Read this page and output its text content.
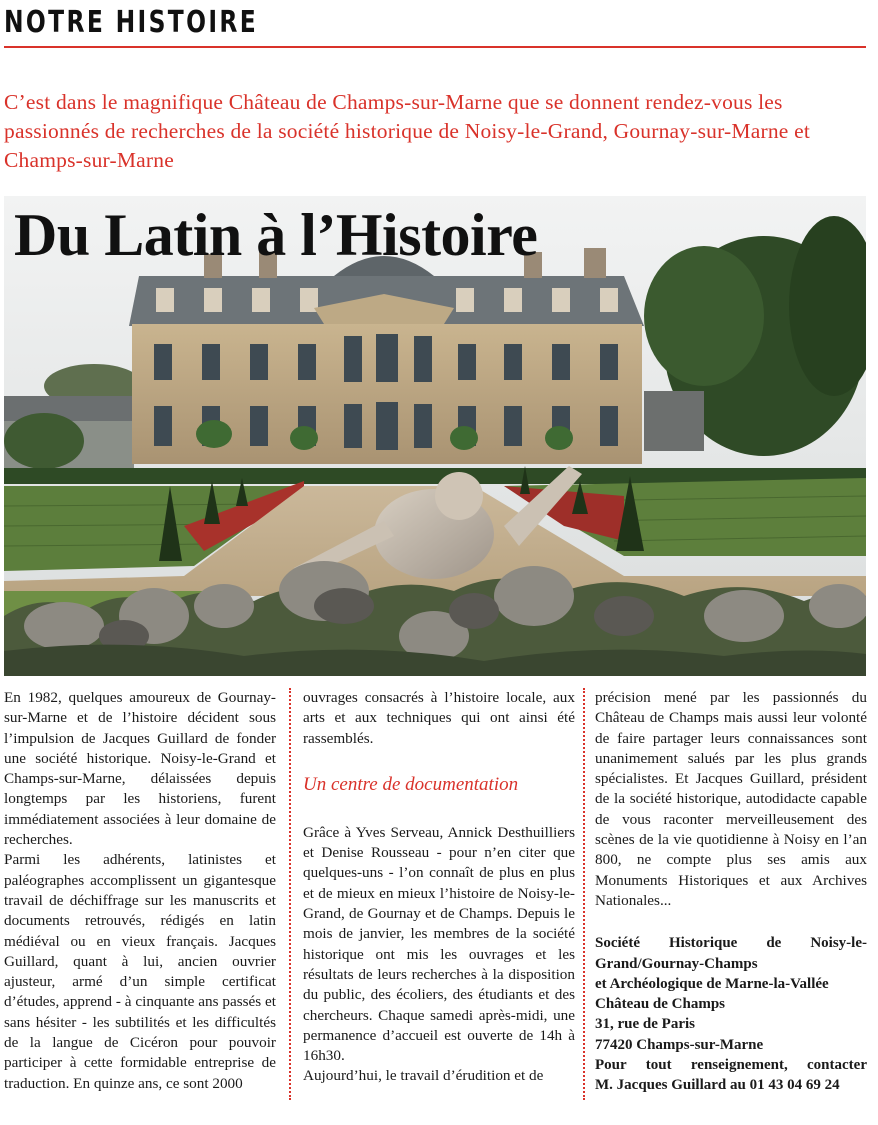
NOTRE HISTOIRE

C’est dans le magnifique Château de Champs-sur-Marne que se donnent rendez-vous les passionnés de recherches de la société historique de Noisy-le-Grand, Gournay-sur-Marne et Champs-sur-Marne

Du Latin à l’Histoire

En 1982, quelques amoureux de Gournay-sur-Marne et de l’histoire décident sous l’impulsion de Jacques Guillard de fonder une société historique. Noisy-le-Grand et Champs-sur-Marne, délaissées depuis longtemps par les historiens, furent immédiatement associées à leur domaine de recherches.

Parmi les adhérents, latinistes et paléographes accomplissent un gigantesque travail de déchiffrage sur les manuscrits et documents retrouvés, rédigés en latin médiéval ou en vieux français. Jacques Guillard, quant à lui, ancien ouvrier ajusteur, armé d’un simple certificat d’études, apprend - à cinquante ans passés et sans hésiter - les subtilités et les difficultés de la langue de Cicéron pour pouvoir participer à cette formidable entreprise de traduction. En quinze ans, ce sont 2000

ouvrages consacrés à l’histoire locale, aux arts et aux techniques qui ont ainsi été rassemblés.

Un centre de documentation

Grâce à Yves Serveau, Annick Desthuilliers et Denise Rousseau - pour n’en citer que quelques-uns - l’on connaît de plus en plus et de mieux en mieux l’histoire de Noisy-le-Grand, de Gournay et de Champs. Depuis le mois de janvier, les membres de la société historique ont mis les ouvrages et les résultats de leurs recherches à la disposition du public, des écoliers, des étudiants et des chercheurs. Chaque samedi après-midi, une permanence d’accueil est ouverte de 14h à 16h30.

Aujourd’hui, le travail d’érudition et de

précision mené par les passionnés du Château de Champs mais aussi leur volonté de faire partager leurs connaissances sont unanimement salués par les plus grands spécialistes. Et Jacques Guillard, président de la société historique, autodidacte capable de vous raconter merveilleusement des scènes de la vie quotidienne à Noisy en l’an 800, ne compte plus ses amis aux Monuments Historiques et aux Archives Nationales...

Société Historique de Noisy-le-
Grand/Gournay-Champs
et Archéologique de Marne-la-Vallée
Château de Champs
31, rue de Paris
77420 Champs-sur-Marne
Pour tout renseignement, contacter
M. Jacques Guillard au 01 43 04 69 24
